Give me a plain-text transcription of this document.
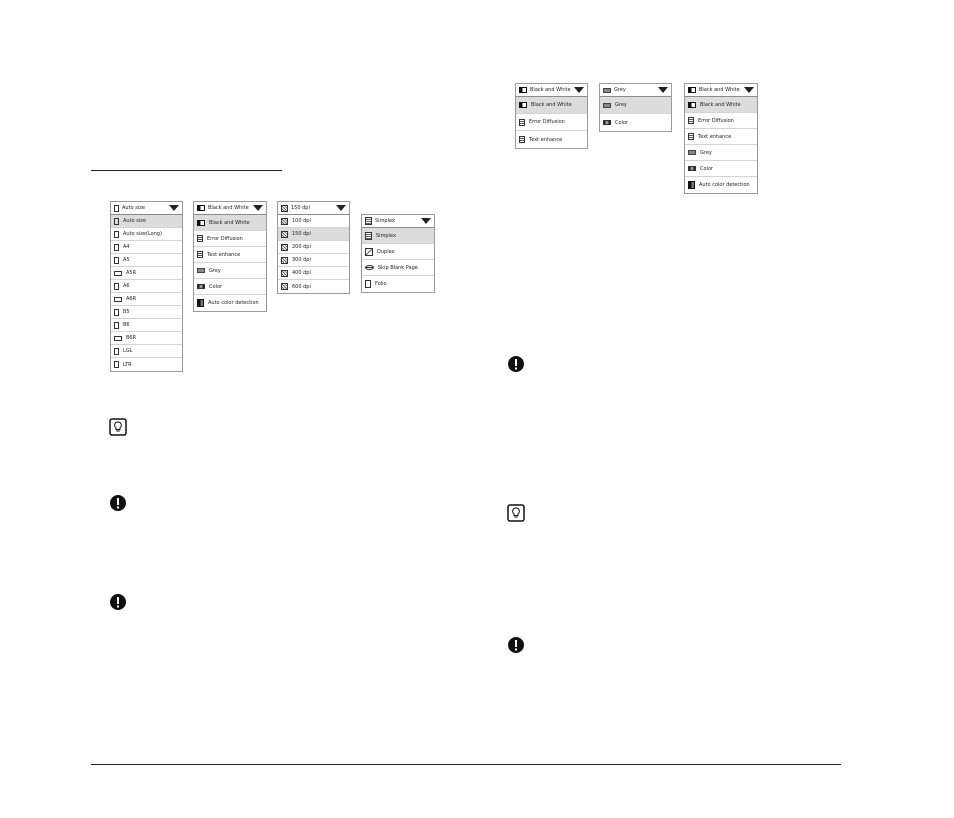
Auto size
Auto size
Auto size(Long)
A4
A5
A5R
A6
A6R
B5
B6
B6R
LGL
LTR
Black and White
Black and White
Error Diffusion
Text enhance
Grey
Color
Auto color detection
150 dpi
100 dpi
150 dpi
200 dpi
300 dpi
400 dpi
600 dpi
Simplex
Simplex
Duplex
Skip Blank Page
Folio
Black and White
Black and White
Error Diffusion
Text enhance
Grey
Grey
Color
Black and White
Black and White
Error Diffusion
Text enhance
Grey
Color
Auto color detection
